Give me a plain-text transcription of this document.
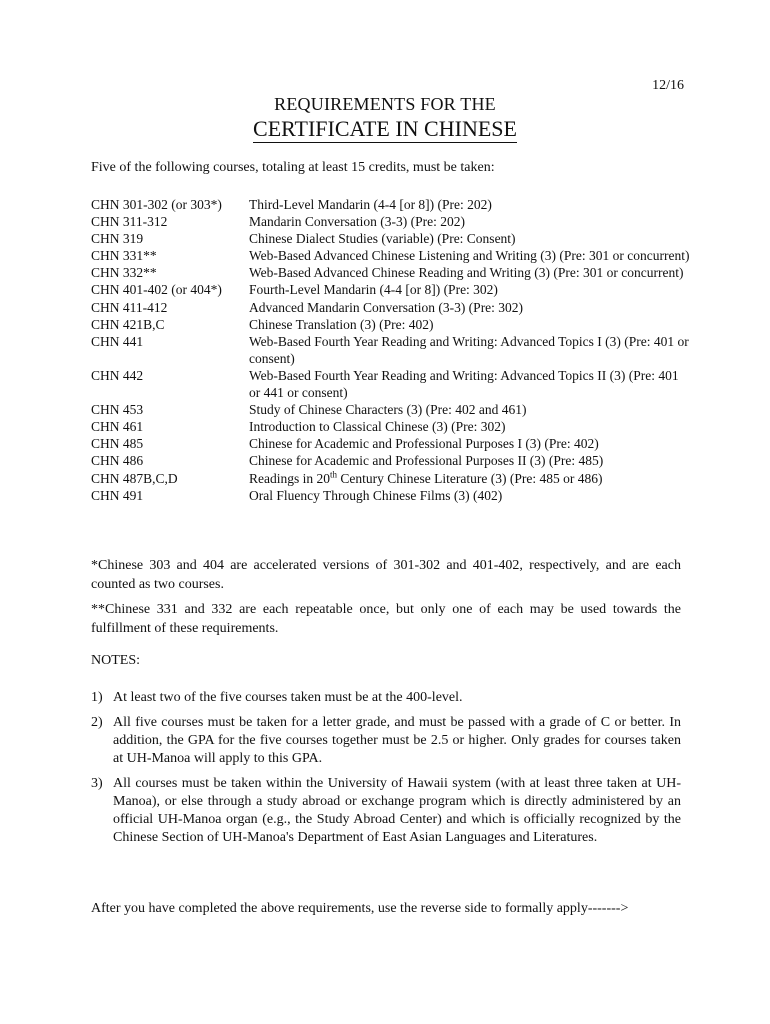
12/16
REQUIREMENTS FOR THE
CERTIFICATE IN CHINESE
Five of the following courses, totaling at least 15 credits, must be taken:
CHN 301-302 (or 303*)	Third-Level Mandarin (4-4 [or 8]) (Pre: 202)
CHN 311-312	Mandarin Conversation (3-3) (Pre: 202)
CHN 319	Chinese Dialect Studies (variable) (Pre: Consent)
CHN 331**	Web-Based Advanced Chinese Listening and Writing (3) (Pre: 301 or concurrent)
CHN 332**	Web-Based Advanced Chinese Reading and Writing (3) (Pre: 301 or concurrent)
CHN 401-402 (or 404*)	Fourth-Level Mandarin (4-4 [or 8]) (Pre: 302)
CHN 411-412	Advanced Mandarin Conversation (3-3) (Pre: 302)
CHN 421B,C	Chinese Translation (3) (Pre: 402)
CHN 441	Web-Based Fourth Year Reading and Writing: Advanced Topics I (3) (Pre: 401 or consent)
CHN 442	Web-Based Fourth Year Reading and Writing: Advanced Topics II (3) (Pre: 401 or 441 or consent)
CHN 453	Study of Chinese Characters (3) (Pre: 402 and 461)
CHN 461	Introduction to Classical Chinese (3) (Pre: 302)
CHN 485	Chinese for Academic and Professional Purposes I (3) (Pre: 402)
CHN 486	Chinese for Academic and Professional Purposes II (3) (Pre: 485)
CHN 487B,C,D	Readings in 20th Century Chinese Literature (3) (Pre: 485 or 486)
CHN 491	Oral Fluency Through Chinese Films (3) (402)
*Chinese 303 and 404 are accelerated versions of 301-302 and 401-402, respectively, and are each counted as two courses.
**Chinese 331 and 332 are each repeatable once, but only one of each may be used towards the fulfillment of these requirements.
NOTES:
1) At least two of the five courses taken must be at the 400-level.
2) All five courses must be taken for a letter grade, and must be passed with a grade of C or better. In addition, the GPA for the five courses together must be 2.5 or higher. Only grades for courses taken at UH-Manoa will apply to this GPA.
3) All courses must be taken within the University of Hawaii system (with at least three taken at UH-Manoa), or else through a study abroad or exchange program which is directly administered by an official UH-Manoa organ (e.g., the Study Abroad Center) and which is officially recognized by the Chinese Section of UH-Manoa's Department of East Asian Languages and Literatures.
After you have completed the above requirements, use the reverse side to formally apply------->
